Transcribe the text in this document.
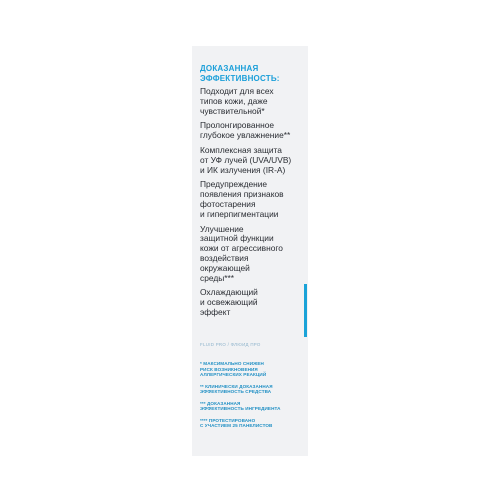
ДОКАЗАННАЯ
ЭФФЕКТИВНОСТЬ:
Подходит для всех
типов кожи, даже
чувствительной*
Пролонгированное
глубокое увлажнение**
Комплексная защита
от УФ лучей (UVA/UVB)
и ИК излучения (IR-A)
Предупреждение
появления признаков
фотостарения
и гиперпигментации
Улучшение
защитной функции
кожи от агрессивного
воздействия
окружающей
среды***
Охлаждающий
и освежающий
эффект
FLUID PRO / ФЛЮИД ПРО
* МАКСИМАЛЬНО СНИЖЕН
РИСК ВОЗНИКНОВЕНИЯ
АЛЛЕРГИЧЕСКИХ РЕАКЦИЙ
** КЛИНИЧЕСКИ ДОКАЗАННАЯ
ЭФФЕКТИВНОСТЬ СРЕДСТВА
*** ДОКАЗАННАЯ
ЭФФЕКТИВНОСТЬ ИНГРЕДИЕНТА
**** ПРОТЕСТИРОВАНО
С УЧАСТИЕМ 25 ПАНЕЛИСТОВ
